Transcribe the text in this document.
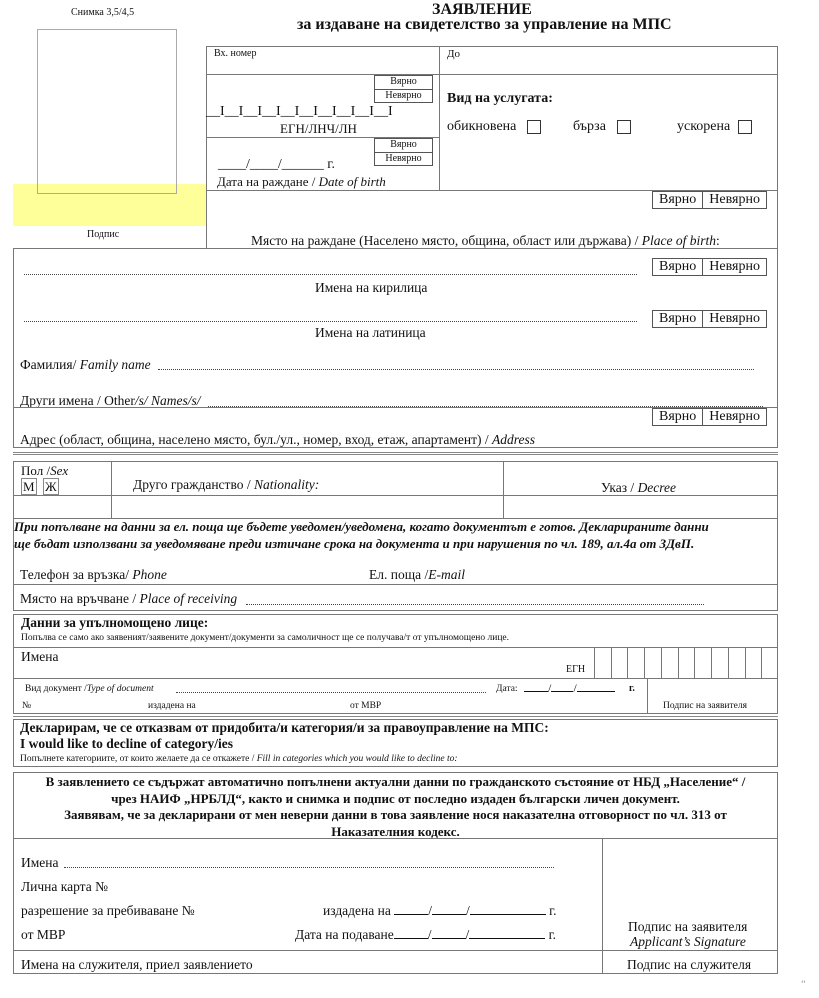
Снимка 3,5/4,5
Подпис
ЗАЯВЛЕНИЕ
за издаване на свидетелство за управление на МПС
Вх. номер	До
Вярно
Невярно
__I__I__I__I__I__I__I__I__I__I
ЕГН/ЛНЧ/ЛН
Вярно
Невярно
____/____/______ г.
Дата на раждане / Date of birth
Вид на услугата:
обикновена	бърза	ускорена
Вярно Невярно
Място на раждане (Населено място, община, област или държава) / Place of birth:
Вярно Невярно
Имена на кирилица
Вярно Невярно
Имена на латиница
Фамилия/ Family name
Други имена / Other/s/ Names/s/
Вярно Невярно
Адрес (област, община, населено място, бул./ул., номер, вход, етаж, апартамент) / Address
Пол /Sex
М Ж	Друго гражданство / Nationality:	Указ / Decree
При попълване на данни за ел. поща ще бъдете уведомен/уведомена, когато документът е готов. Декларираните данни
ще бъдат използвани за уведомяване преди изтичане срока на документа и при нарушения по чл. 189, ал.4а от ЗДвП.
Телефон за връзка/ Phone	Ел. поща /E-mail
Място на връчване / Place of receiving
Данни за упълномощено лице:
Попълва се само ако заявеният/заявените документ/документи за самоличност ще се получава/т от упълномощено лице.
Имена
ЕГН
Вид документ /Type of document	Дата:	/ /	г.
№	издадена на	от МВР	Подпис на заявителя
Декларирам, че се отказвам от придобита/и категория/и за правоуправление на МПС:
I would like to decline of category/ies
Попълнете категориите, от които желаете да се откажете / Fill in categories which you would like to decline to:
В заявлението се съдържат автоматично попълнени актуални данни по гражданското състояние от НБД „Население“ /
чрез НАИФ „НРБЛД“, както и снимка и подпис от последно издаден български личен документ.
Заявявам, че за декларирани от мен неверни данни в това заявление нося наказателна отговорност по чл. 313 от
Наказателния кодекс.
Имена
Лична карта №
разрешение за пребиваване №	издадена на	/	/	г.
от МВР	Дата на подаване	/	/	г.
Подпис на заявителя
Applicant’s Signature
Имена на служителя, приел заявлението	Подпис на служителя
‘‘
